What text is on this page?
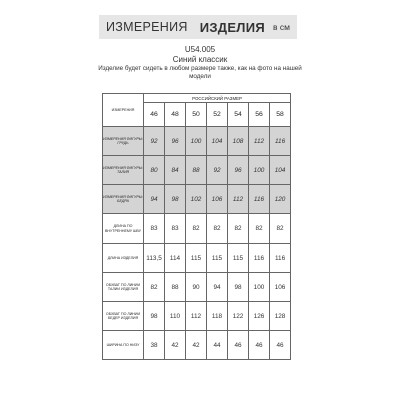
ИЗМЕРЕНИЯ ИЗДЕЛИЯ в см
U54.005
Синий классик
Изделие будет сидеть в любом размере также, как на фото на нашей модели
ИЗМЕРЕНИЯ	РОССИЙСКИЙ РАЗМЕР						
	46	48	50	52	54	56	58
ИЗМЕРЕНИЯ ФИГУРЫ: ГРУДЬ	92	96	100	104	108	112	116
ИЗМЕРЕНИЯ ФИГУРЫ: ТАЛИЯ	80	84	88	92	96	100	104
ИЗМЕРЕНИЯ ФИГУРЫ: БЕДРА	94	98	102	106	112	116	120
ДЛИНА ПО ВНУТРЕННЕМУ ШВУ	83	83	82	82	82	82	82
ДЛИНА ИЗДЕЛИЯ	113,5	114	115	115	115	116	116
ОБХВАТ ПО ЛИНИИ ТАЛИИ ИЗДЕЛИЯ	82	88	90	94	98	100	106
ОБХВАТ ПО ЛИНИИ БЕДЕР ИЗДЕЛИЯ	98	110	112	118	122	126	128
ШИРИНА ПО НИЗУ	38	42	42	44	46	46	46
